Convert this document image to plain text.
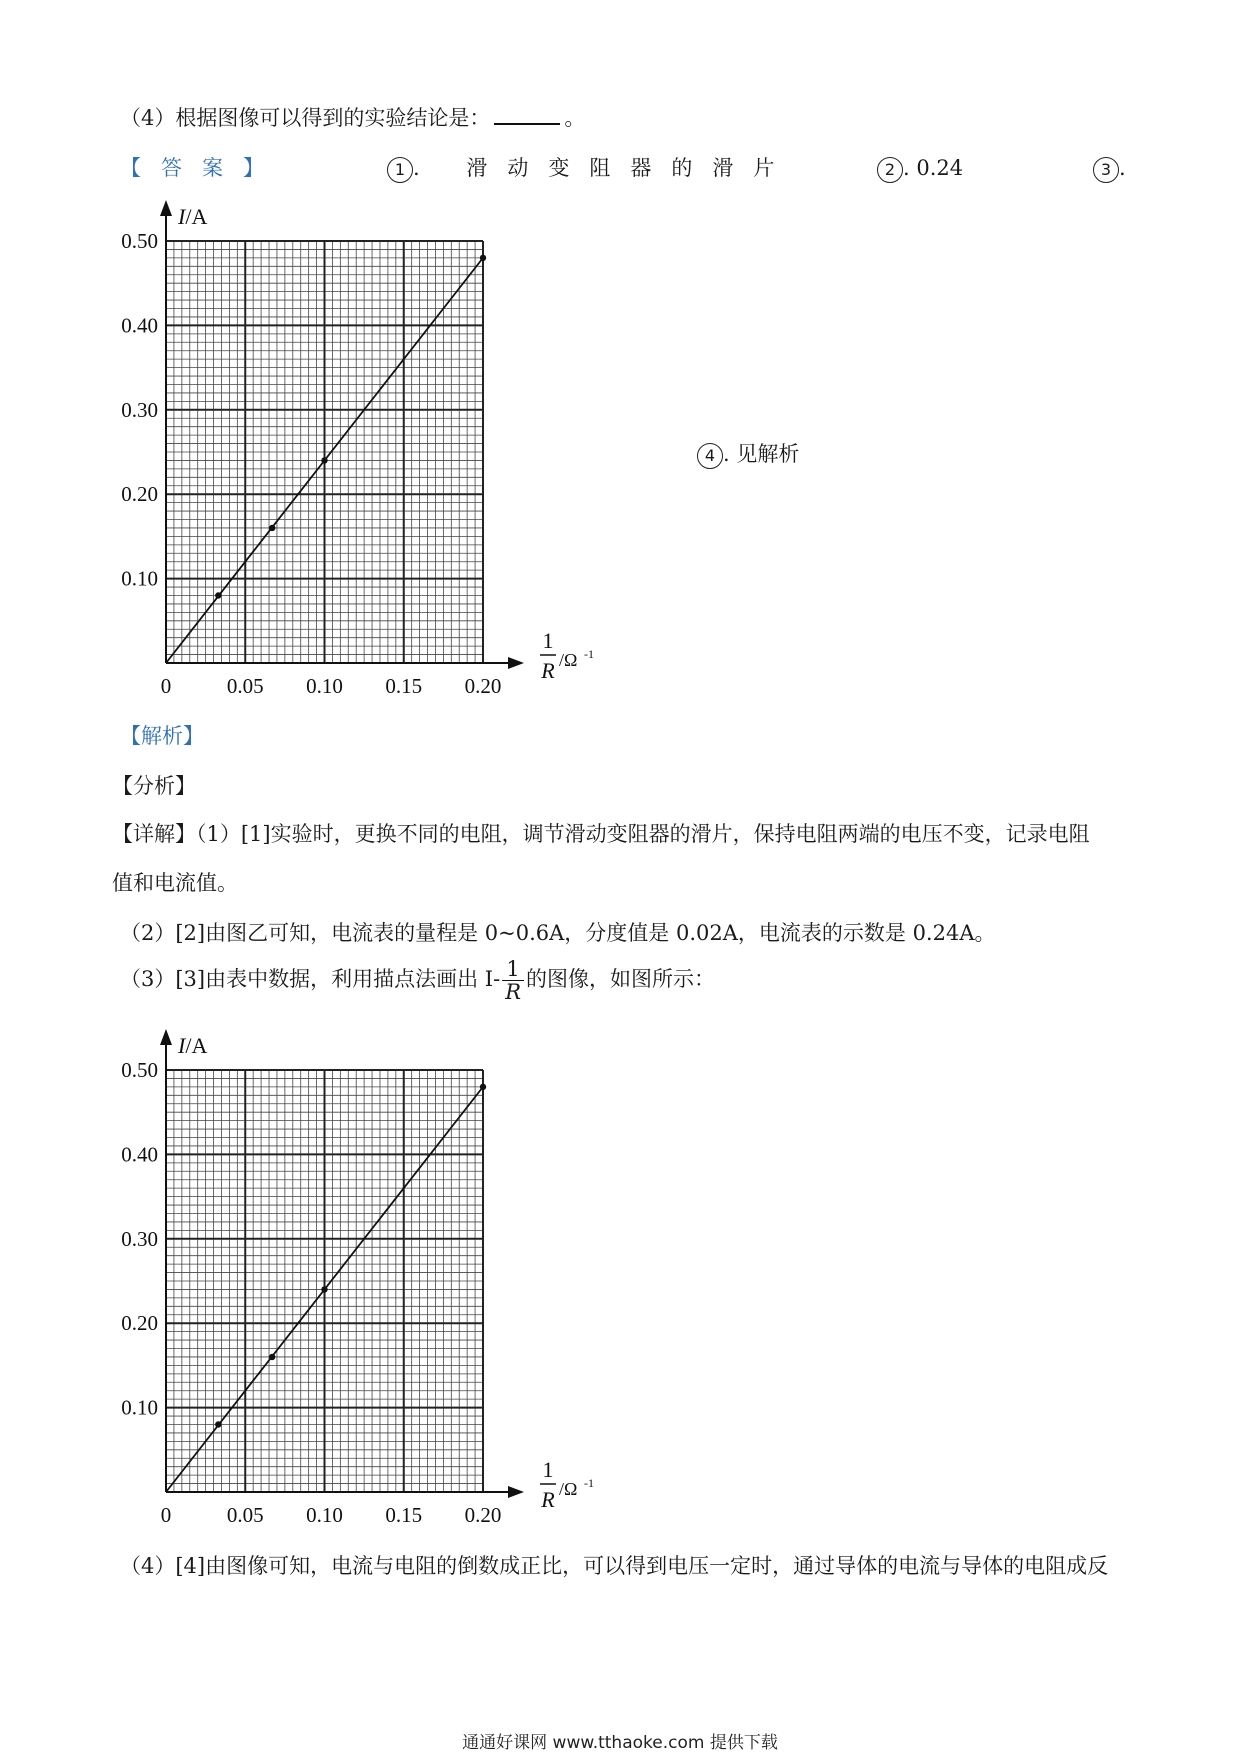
（4）根据图像可以得到的实验结论是：	。
【答案】	1 . 滑动变阻器的滑片	2 . 0.24	3 .
I/A
1
R /Ω -1
0	0.05 0.10 0.15 0.20
0.10
0.20
0.30
0.40
0.50
4 . 见解析
【解析】
【分析】
【详解】（1）[1]实验时，更换不同的电阻，调节滑动变阻器的滑片，保持电阻两端的电压不变，记录电阻
值和电流值。
（2）[2]由图乙可知，电流表的量程是 0~0.6A，分度值是 0.02A，电流表的示数是 0.24A。
（3）[3]由表中数据，利用描点法画出 $I- \frac{1}{R}$ 的图像，如图所示：
I/A
1
R /Ω -1
0	0.05 0.10 0.15 0.20
0.10
0.20
0.30
0.40
0.50
（4）[4]由图像可知，电流与电阻的倒数成正比，可以得到电压一定时，通过导体的电流与导体的电阻成反
通通好课网 www.tthaoke.com 提供下载
